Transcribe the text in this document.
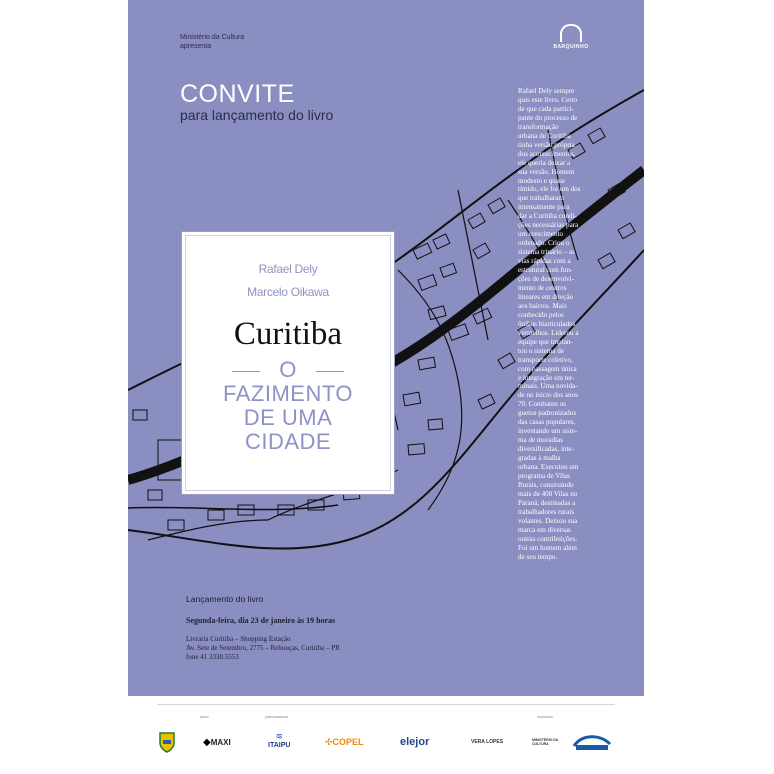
Ministério da Cultura
apresenta	BARQUINHO
CONVITE
para lançamento do livro
Rafael Dely
Marcelo Oikawa
Curitiba
O
FAZIMENTO
DE UMA
CIDADE
Rafael Dely sempre
quis este livro. Certo
de que cada partici-
pante do processo de
transformação
urbana de Curitiba
tinha versão própria
dos acontecimentos,
ele queria deixar a
sua versão. Homem
modesto e quase
tímido, ele foi um dos
que trabalharam
intensamente para
dar a Curitiba condi-
ções necessárias para
um crescimento
ordenado. Criou o
sistema trinário – as
vias rápidas com a
estrutural com fun-
ções de desenvolvi-
mento de centros
lineares em direção
aos bairros. Mais
conhecido pelos
ônibus biarticulados
vermelhos. Liderou a
equipe que implan-
tou o sistema de
transporte coletivo,
com passagem única
e integração em ter-
minais. Uma novida-
de no início dos anos
70. Combateu os
guetos padronizados
das casas populares,
inventando um siste-
ma de moradias
diversificadas, inte-
gradas à malha
urbana. Executou um
programa de Vilas
Rurais, construindo
mais de 400 Vilas no
Paraná, destinadas a
trabalhadores rurais
volantes. Deixou sua
marca em diversas
outras contribuições.
Foi um homem além
de seu tempo.
Lançamento do livro
Segunda-feira, dia 23 de janeiro às 19 horas
Livraria Curitiba – Shopping Estação
Av. Sete de Setembro, 2775 – Rebouças, Curitiba – PR
fone 41 3330.5553
apoio	patrocinadores	realização
◆ MAXI
≋
ITAIPU	✣ COPEL	elejor	VERA LOPES	MINISTÉRIO DA CULTURA
